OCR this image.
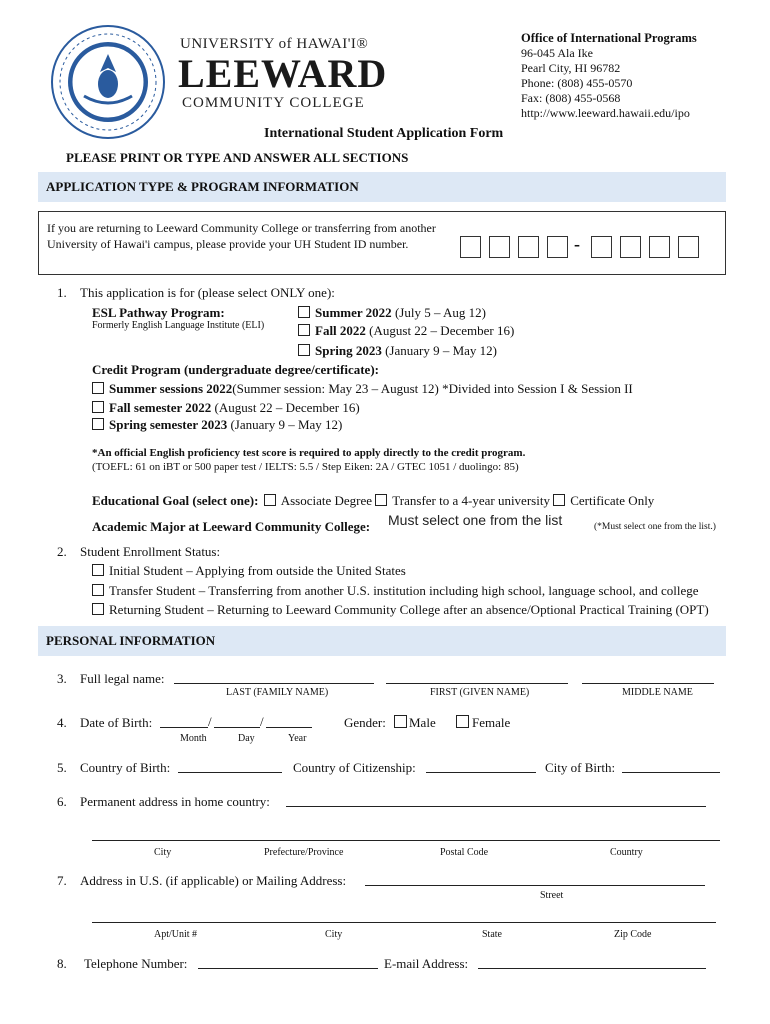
UNIVERSITY of HAWAI'I®
LEEWARD
COMMUNITY COLLEGE
Office of International Programs
96-045 Ala Ike
Pearl City, HI 96782
Phone: (808) 455-0570
Fax: (808) 455-0568
http://www.leeward.hawaii.edu/ipo
International Student Application Form
PLEASE PRINT OR TYPE AND ANSWER ALL SECTIONS
APPLICATION TYPE & PROGRAM INFORMATION
If you are returning to Leeward Community College or transferring from another University of Hawai'i campus, please provide your UH Student ID number.	-
1. This application is for (please select ONLY one):
ESL Pathway Program:
Formerly English Language Institute (ELI)
Summer 2022 (July 5 – Aug 12)
Fall 2022 (August 22 – December 16)
Spring 2023 (January 9 – May 12)
Credit Program (undergraduate degree/certificate):
Summer sessions 2022(Summer session: May 23 – August 12) *Divided into Session I & Session II
Fall semester 2022 (August 22 – December 16)
Spring semester 2023 (January 9 – May 12)
*An official English proficiency test score is required to apply directly to the credit program.
(TOEFL: 61 on iBT or 500 paper test / IELTS: 5.5 / Step Eiken: 2A / GTEC 1051 / duolingo: 85)
Educational Goal (select one): Associate Degree Transfer to a 4-year university Certificate Only
Academic Major at Leeward Community College: Must select one from the list	(*Must select one from the list.)
2. Student Enrollment Status:
Initial Student – Applying from outside the United States
Transfer Student – Transferring from another U.S. institution including high school, language school, and college
Returning Student – Returning to Leeward Community College after an absence/Optional Practical Training (OPT)
PERSONAL INFORMATION
3. Full legal name:
LAST (FAMILY NAME)	FIRST (GIVEN NAME)	MIDDLE NAME
4. Date of Birth:	/	/
Month	Day	Year
Gender:	Male	Female
5. Country of Birth:	Country of Citizenship:	City of Birth:
6. Permanent address in home country:
City	Prefecture/Province	Postal Code	Country
7. Address in U.S. (if applicable) or Mailing Address:
Street
Apt/Unit #	City	State	Zip Code
8. Telephone Number:	E-mail Address:
